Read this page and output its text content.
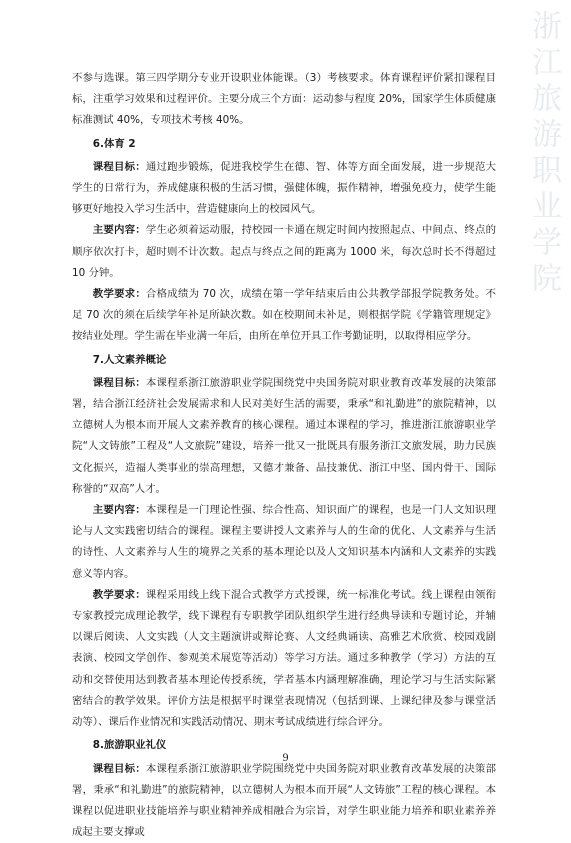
浙江旅游职业学院

不参与选课。第三四学期分专业开设职业体能课。（3）考核要求。体育课程评价紧扣课程目标，注重学习效果和过程评价。主要分成三个方面：运动参与程度 20%，国家学生体质健康标准测试 40%，专项技术考核 40%。

6.体育 2

课程目标：通过跑步锻炼，促进我校学生在德、智、体等方面全面发展，进一步规范大学生的日常行为，养成健康积极的生活习惯，强健体魄，振作精神，增强免疫力，使学生能够更好地投入学习生活中，营造健康向上的校园风气。

主要内容：学生必须着运动服，持校园一卡通在规定时间内按照起点、中间点、终点的顺序依次打卡，超时则不计次数。起点与终点之间的距离为 1000 米，每次总时长不得超过 10 分钟。

教学要求：合格成绩为 70 次，成绩在第一学年结束后由公共教学部报学院教务处。不足 70 次的须在后续学年补足所缺次数。如在校期间未补足，则根据学院《学籍管理规定》按结业处理。学生需在毕业满一年后，由所在单位开具工作考勤证明，以取得相应学分。

7.人文素养概论

课程目标：本课程系浙江旅游职业学院围绕党中央国务院对职业教育改革发展的决策部署，结合浙江经济社会发展需求和人民对美好生活的需要，秉承“和礼勤进”的旅院精神，以立德树人为根本而开展人文素养教育的核心课程。通过本课程的学习，推进浙江旅游职业学院“人文铸旅”工程及“人文旅院”建设，培养一批又一批既具有服务浙江文旅发展，助力民族文化振兴，造福人类事业的崇高理想，又德才兼备、品技兼优、浙江中坚、国内骨干、国际称誉的“双高”人才。

主要内容：本课程是一门理论性强、综合性高、知识面广的课程，也是一门人文知识理论与人文实践密切结合的课程。课程主要讲授人文素养与人的生命的优化、人文素养与生活的诗性、人文素养与人生的境界之关系的基本理论以及人文知识基本内涵和人文素养的实践意义等内容。

教学要求：课程采用线上线下混合式教学方式授课，统一标准化考试。线上课程由领衔专家教授完成理论教学，线下课程有专职教学团队组织学生进行经典导读和专题讨论，并辅以课后阅读、人文实践（人文主题演讲或辩论赛、人文经典诵读、高雅艺术欣赏、校园戏剧表演、校园文学创作、参观美术展览等活动）等学习方法。通过多种教学（学习）方法的互动和交替使用达到教者基本理论传授系统，学者基本内涵理解准确，理论学习与生活实际紧密结合的教学效果。评价方法是根据平时课堂表现情况（包括到课、上课纪律及参与课堂活动等）、课后作业情况和实践活动情况、期末考试成绩进行综合评分。

8.旅游职业礼仪

课程目标：本课程系浙江旅游职业学院围绕党中央国务院对职业教育改革发展的决策部署，秉承“和礼勤进”的旅院精神，以立德树人为根本而开展“人文铸旅”工程的核心课程。本课程以促进职业技能培养与职业精神养成相融合为宗旨，对学生职业能力培养和职业素养养成起主要支撑或

9
